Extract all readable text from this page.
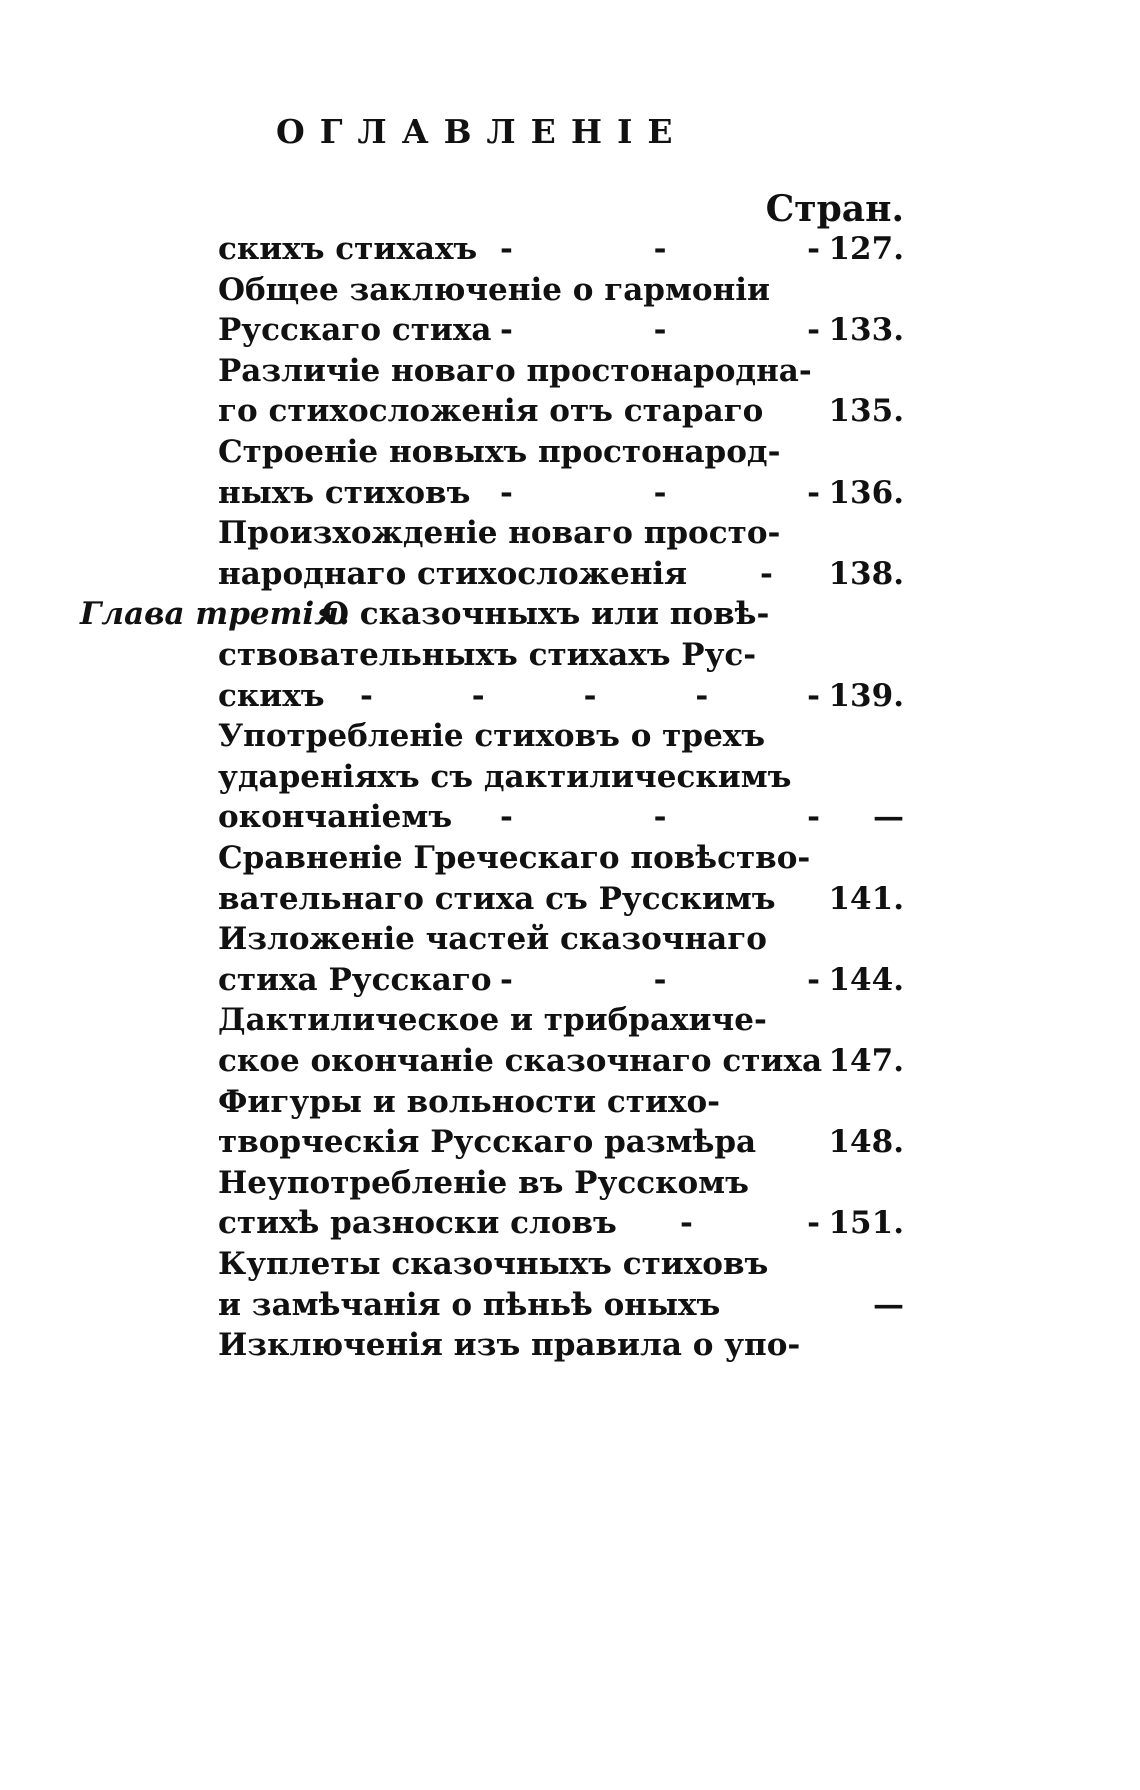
ОГЛАВЛЕНІЕ
Стран.
скихъ стихахъ -	-	- 127.
Общее заключеніе о гармоніи
Русскаго стиха -	-	- 133.
Различіе новаго простонародна-
го стихосложенія отъ стараго 135.
Строеніе новыхъ простонарод-
ныхъ стиховъ -	-	- 136.
Произхожденіе новаго просто-
народнаго стихосложенія - 138.
Глава третія.
О сказочныхъ или повѣ-
ствовательныхъ стихахъ Рус-
скихъ -	-	-	-	- 139.
Употребленіе стиховъ о трехъ
удареніяхъ съ дактилическимъ
окончаніемъ -	-	- —
Сравненіе Греческаго повѣство-
вательнаго стиха съ Русскимъ 141.
Изложеніе частей сказочнаго
стиха Русскаго -	-	- 144.
Дактилическое и трибрахиче-
ское окончаніе сказочнаго стиха 147.
Фигуры и вольности стихо-
творческія Русскаго размѣра 148.
Неупотребленіе въ Русскомъ
стихѣ разноски словъ -	- 151.
Куплеты сказочныхъ стиховъ
и замѣчанія о пѣньѣ оныхъ	—
Изключенія изъ правила о упо-
